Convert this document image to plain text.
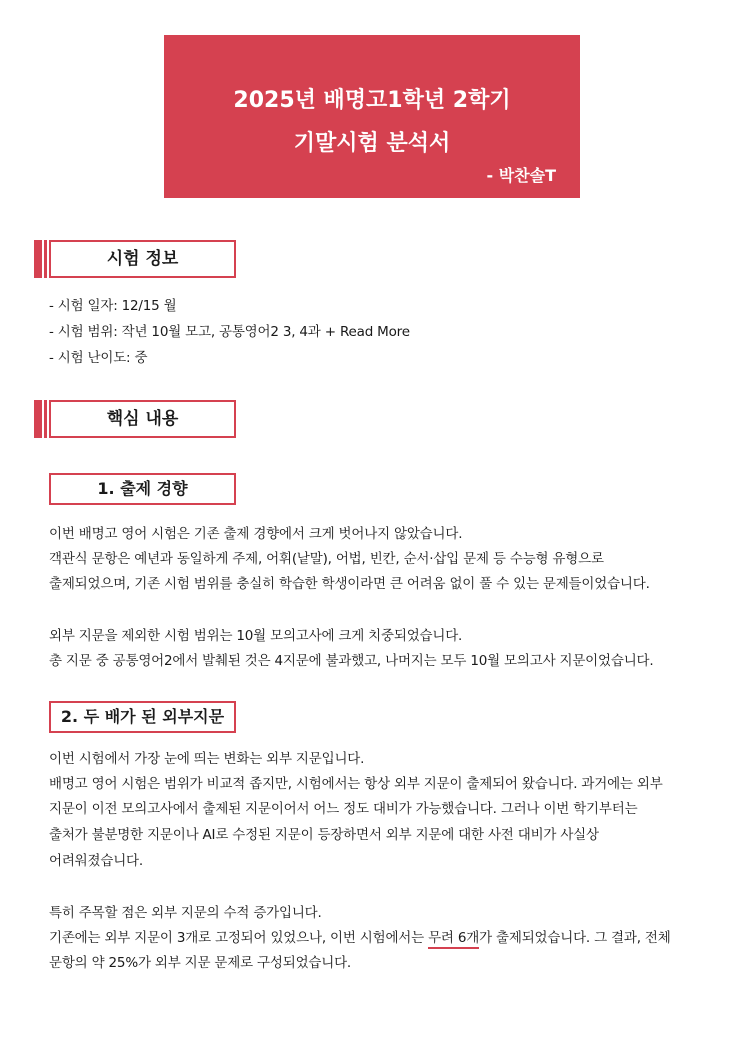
2025년 배명고1학년 2학기
기말시험 분석서
- 박찬솔T
시험 정보
- 시험 일자: 12/15 월
- 시험 범위: 작년 10월 모고, 공통영어2 3, 4과 + Read More
- 시험 난이도: 중
핵심 내용
1. 출제 경향
이번 배명고 영어 시험은 기존 출제 경향에서 크게 벗어나지 않았습니다.
객관식 문항은 예년과 동일하게 주제, 어휘(낱말), 어법, 빈칸, 순서·삽입 문제 등 수능형 유형으로
출제되었으며, 기존 시험 범위를 충실히 학습한 학생이라면 큰 어려움 없이 풀 수 있는 문제들이었습니다.
외부 지문을 제외한 시험 범위는 10월 모의고사에 크게 치중되었습니다.
총 지문 중 공통영어2에서 발췌된 것은 4지문에 불과했고, 나머지는 모두 10월 모의고사 지문이었습니다.
2. 두 배가 된 외부지문
이번 시험에서 가장 눈에 띄는 변화는 외부 지문입니다.
배명고 영어 시험은 범위가 비교적 좁지만, 시험에서는 항상 외부 지문이 출제되어 왔습니다. 과거에는 외부
지문이 이전 모의고사에서 출제된 지문이어서 어느 정도 대비가 가능했습니다. 그러나 이번 학기부터는
출처가 불분명한 지문이나 AI로 수정된 지문이 등장하면서 외부 지문에 대한 사전 대비가 사실상
어려워졌습니다.
특히 주목할 점은 외부 지문의 수적 증가입니다.
기존에는 외부 지문이 3개로 고정되어 있었으나, 이번 시험에서는 무려 6개가 출제되었습니다. 그 결과, 전체
문항의 약 25%가 외부 지문 문제로 구성되었습니다.
